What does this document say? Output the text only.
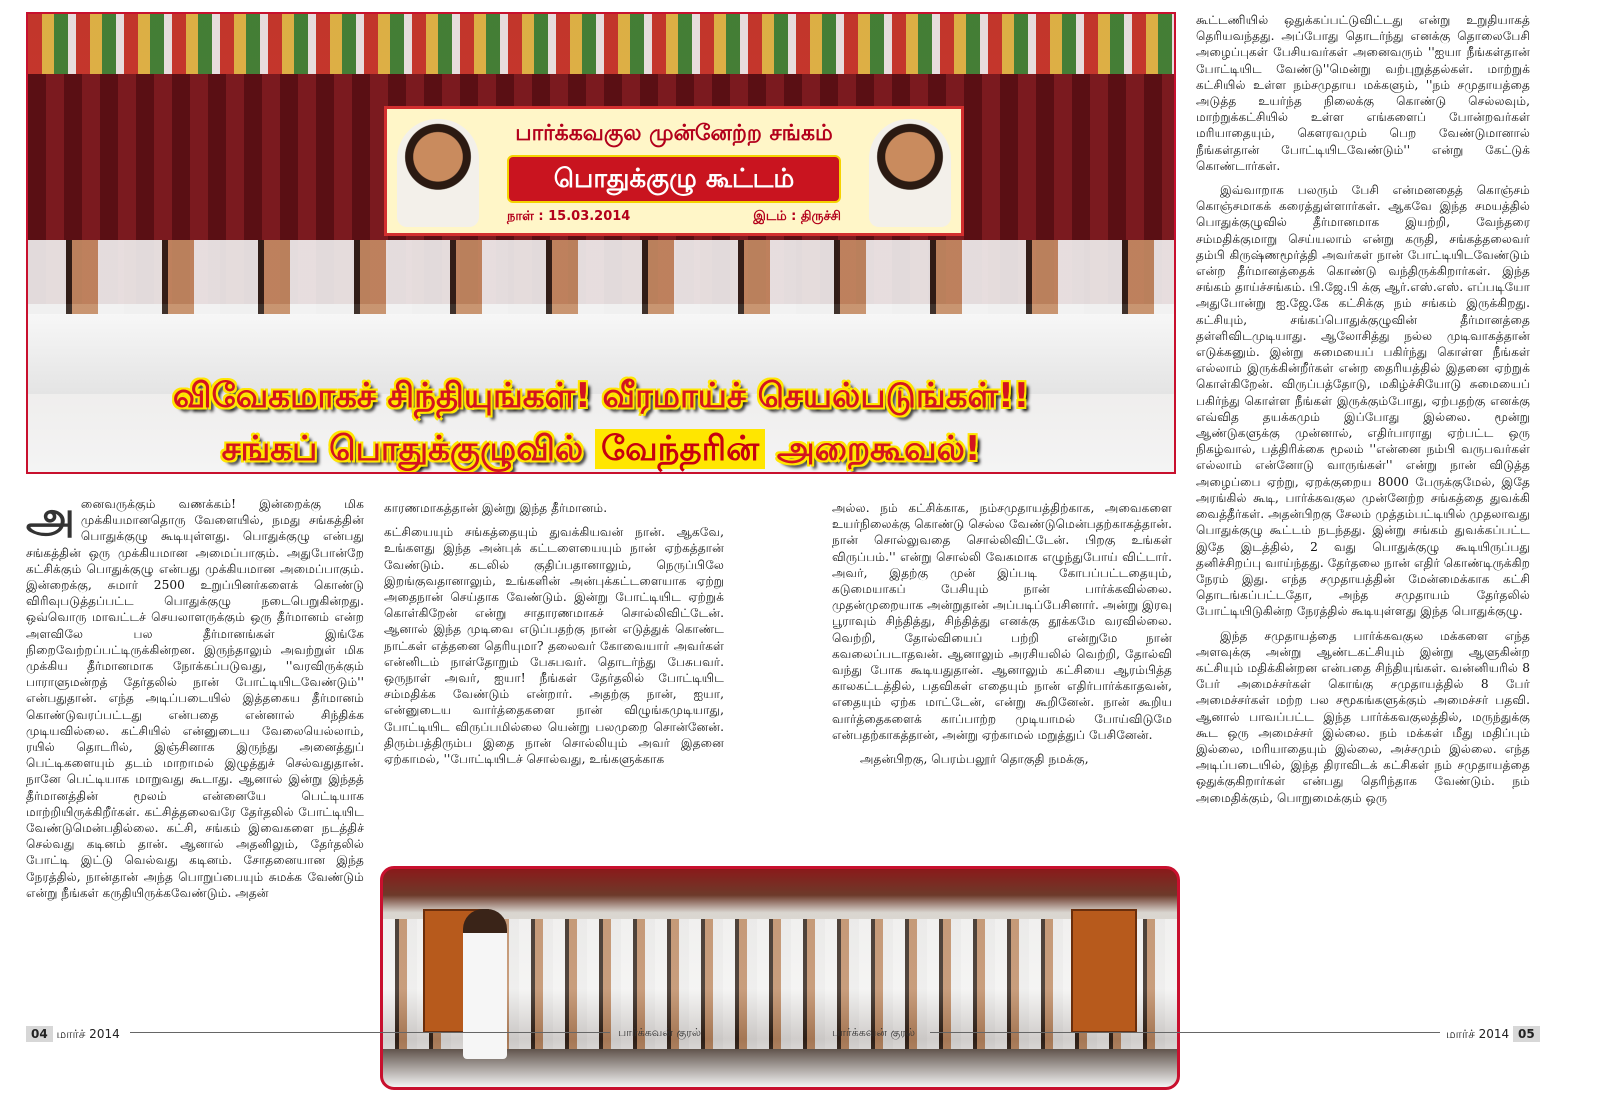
பார்க்கவகுல முன்னேற்ற சங்கம்
பொதுக்குழு கூட்டம்
நாள் : 15.03.2014	இடம் : திருச்சி
விவேகமாகச் சிந்தியுங்கள்! வீரமாய்ச் செயல்படுங்கள்!!
சங்கப் பொதுக்குழுவில் வேந்தரின் அறைகூவல்!

அனைவருக்கும் வணக்கம்! இன்றைக்கு மிக முக்கியமானதொரு வேளையில், நமது சங்கத்தின் பொதுக்குழு கூடியுள்ளது. பொதுக்குழு என்பது சங்கத்தின் ஒரு முக்கியமான அமைப்பாகும். அதுபோன்றே கட்சிக்கும் பொதுக்குழு என்பது முக்கியமான அமைப்பாகும். இன்றைக்கு, சுமார் 2500 உறுப்பினர்களைக் கொண்டு விரிவுபடுத்தப்பட்ட பொதுக்குழு நடைபெறுகின்றது. ஒவ்வொரு மாவட்டச் செயலாளருக்கும் ஒரு தீர்மானம் என்ற அளவிலே பல தீர்மானங்கள் இங்கே நிறைவேற்றப்பட்டிருக்கின்றன. இருந்தாலும் அவற்றுள் மிக முக்கிய தீர்மானமாக நோக்கப்படுவது, ''வரவிருக்கும் பாராளுமன்றத் தேர்தலில் நான் போட்டியிடவேண்டும்'' என்பதுதான். எந்த அடிப்படையில் இத்தகைய தீர்மானம் கொண்டுவரப்பட்டது என்பதை என்னால் சிந்திக்க முடியவில்லை. கட்சியில் என்னுடைய வேலையெல்லாம், ரயில் தொடரில், இஞ்சினாக இருந்து அனைத்துப் பெட்டிகளையும் தடம் மாறாமல் இழுத்துச் செல்வதுதான். நானே பெட்டியாக மாறுவது கூடாது. ஆனால் இன்று இந்தத் தீர்மானத்தின் மூலம் என்னையே பெட்டியாக மாற்றியிருக்கிறீர்கள். கட்சித்தலைவரே தேர்தலில் போட்டியிட வேண்டுமென்பதில்லை. கட்சி, சங்கம் இவைகளை நடத்திச் செல்வது கடினம் தான். ஆனால் அதனிலும், தேர்தலில் போட்டி இட்டு வெல்வது கடினம். சோதனையான இந்த நேரத்தில், நான்தான் அந்த பொறுப்பையும் சுமக்க வேண்டும் என்று நீங்கள் கருதியிருக்கவேண்டும். அதன்

காரணமாகத்தான் இன்று இந்த தீர்மானம்.

கட்சியையும் சங்கத்தையும் துவக்கியவன் நான். ஆகவே, உங்களது இந்த அன்புக் கட்டளையையும் நான் ஏற்கத்தான் வேண்டும். கடலில் குதிப்பதானாலும், நெருப்பிலே இறங்குவதானாலும், உங்களின் அன்புக்கட்டளையாக ஏற்று அதைநான் செய்தாக வேண்டும். இன்று போட்டியிட ஏற்றுக் கொள்கிறேன் என்று சாதாரணமாகச் சொல்லிவிட்டேன். ஆனால் இந்த முடிவை எடுப்பதற்கு நான் எடுத்துக் கொண்ட நாட்கள் எத்தனை தெரியுமா? தலைவர் கோவையார் அவர்கள் என்னிடம் நாள்தோறும் பேசுபவர். தொடர்ந்து பேசுபவர். ஒருநாள் அவர், ஐயா! நீங்கள் தேர்தலில் போட்டியிட சம்மதிக்க வேண்டும் என்றார். அதற்கு நான், ஐயா, என்னுடைய வார்த்தைகளை நான் விழுங்கமுடியாது, போட்டியிட விருப்பமில்லை யென்று பலமுறை சொன்னேன். திரும்பத்திரும்ப இதை நான் சொல்லியும் அவர் இதனை ஏற்காமல், ''போட்டியிடச் சொல்வது, உங்களுக்காக

அல்ல. நம் கட்சிக்காக, நம்சமுதாயத்திற்காக, அவைகளை உயர்நிலைக்கு கொண்டு செல்ல வேண்டுமென்பதற்காகத்தான். நான் சொல்லுவதை சொல்லிவிட்டேன். பிறகு உங்கள் விருப்பம்.'' என்று சொல்லி வேகமாக எழுந்துபோய் விட்டார். அவர், இதற்கு முன் இப்படி கோபப்பட்டதையும், கடுமையாகப் பேசியும் நான் பார்க்கவில்லை. முதன்முறையாக அன்றுதான் அப்படிப்பேசினார். அன்று இரவு பூராவும் சிந்தித்து, சிந்தித்து எனக்கு தூக்கமே வரவில்லை. வெற்றி, தோல்வியைப் பற்றி என்றுமே நான் கவலைப்படாதவன். ஆனாலும் அரசியலில் வெற்றி, தோல்வி வந்து போக கூடியதுதான். ஆனாலும் கட்சியை ஆரம்பித்த காலகட்டத்தில், பதவிகள் எதையும் நான் எதிர்பார்க்காதவன், எதையும் ஏற்க மாட்டேன், என்று கூறினேன். நான் கூறிய வார்த்தைகளைக் காப்பாற்ற முடியாமல் போய்விடுமே என்பதற்காகத்தான், அன்று ஏற்காமல் மறுத்துப் பேசினேன்.

அதன்பிறகு, பெரம்பலூர் தொகுதி நமக்கு,

கூட்டணியில் ஒதுக்கப்பட்டுவிட்டது என்று உறுதியாகத் தெரியவந்தது. அப்போது தொடர்ந்து எனக்கு தொலைபேசி அழைப்புகள் பேசியவர்கள் அனைவரும் ''ஐயா நீங்கள்தான் போட்டியிட வேண்டு''மென்று வற்புறுத்தல்கள். மாற்றுக் கட்சியில் உள்ள நம்சமுதாய மக்களும், ''நம் சமுதாயத்தை அடுத்த உயர்ந்த நிலைக்கு கொண்டு செல்லவும், மாற்றுக்கட்சியில் உள்ள எங்களைப் போன்றவர்கள் மரியாதையும், கௌரவமும் பெற வேண்டுமானால் நீங்கள்தான் போட்டியிடவேண்டும்'' என்று கேட்டுக் கொண்டார்கள்.

இவ்வாறாக பலரும் பேசி என்மனதைத் கொஞ்சம் கொஞ்சமாகக் கரைத்துள்ளார்கள். ஆகவே இந்த சமயத்தில் பொதுக்குழுவில் தீர்மானமாக இயற்றி, வேந்தரை சம்மதிக்குமாறு செய்யலாம் என்று கருதி, சங்கத்தலைவர் தம்பி கிருஷ்ணமூர்த்தி அவர்கள் நான் போட்டியிடவேண்டும் என்ற தீர்மானத்தைக் கொண்டு வந்திருக்கிறார்கள். இந்த சங்கம் தாய்ச்சங்கம். பி.ஜே.பி க்கு ஆர்.எஸ்.எஸ். எப்படியோ அதுபோன்று ஐ.ஜே.கே கட்சிக்கு நம் சங்கம் இருக்கிறது. கட்சியும், சங்கப்பொதுக்குழுவின் தீர்மானத்தை தள்ளிவிடமுடியாது. ஆலோசித்து நல்ல முடிவாகத்தான் எடுக்கனும். இன்று சுமையைப் பகிர்ந்து கொள்ள நீங்கள் எல்லாம் இருக்கின்றீர்கள் என்ற தைரியத்தில் இதனை ஏற்றுக் கொள்கிறேன். விருப்பத்தோடு, மகிழ்ச்சியோடு சுமையைப் பகிர்ந்து கொள்ள நீங்கள் இருக்கும்போது, ஏற்பதற்கு எனக்கு எவ்வித தயக்கமும் இப்போது இல்லை. மூன்று ஆண்டுகளுக்கு முன்னால், எதிர்பாராது ஏற்பட்ட ஒரு நிகழ்வால், பத்திரிக்கை மூலம் ''என்னை நம்பி வருபவர்கள் எல்லாம் என்னோடு வாருங்கள்'' என்று நான் விடுத்த அழைப்பை ஏற்று, ஏறக்குறைய 8000 பேருக்குமேல், இதே அரங்கில் கூடி, பார்க்கவகுல முன்னேற்ற சங்கத்தை துவக்கி வைத்தீர்கள். அதன்பிறகு சேலம் முத்தம்பட்டியில் முதலாவது பொதுக்குழு கூட்டம் நடந்தது. இன்று சங்கம் துவக்கப்பட்ட இதே இடத்தில், 2 வது பொதுக்குழு கூடியிருப்பது தனிச்சிறப்பு வாய்ந்தது. தேர்தலை நான் எதிர் கொண்டிருக்கிற நேரம் இது. எந்த சமுதாயத்தின் மேன்மைக்காக கட்சி தொடங்கப்பட்டதோ, அந்த சமுதாயம் தேர்தலில் போட்டியிடுகின்ற நேரத்தில் கூடியுள்ளது இந்த பொதுக்குழு.

இந்த சமுதாயத்தை பார்க்கவகுல மக்களை எந்த அளவுக்கு அன்று ஆண்டகட்சியும் இன்று ஆளுகின்ற கட்சியும் மதிக்கின்றன என்பதை சிந்தியுங்கள். வன்னியரில் 8 பேர் அமைச்சர்கள் கொங்கு சமுதாயத்தில் 8 பேர் அமைச்சர்கள் மற்ற பல சமூகங்களுக்கும் அமைச்சர் பதவி. ஆனால் பாவப்பட்ட இந்த பார்க்கவகுலத்தில், மருந்துக்கு கூட ஒரு அமைச்சர் இல்லை. நம் மக்கள் மீது மதிப்பும் இல்லை, மரியாதையும் இல்லை, அச்சமும் இல்லை. எந்த அடிப்படையில், இந்த திராவிடக் கட்சிகள் நம் சமுதாயத்தை ஒதுக்குகிறார்கள் என்பது தெரிந்தாக வேண்டும். நம் அமைதிக்கும், பொறுமைக்கும் ஒரு

04 மார்ச் 2014	பார்க்கவன் குரல்	பார்க்கவன் குரல்	மார்ச் 2014 05
